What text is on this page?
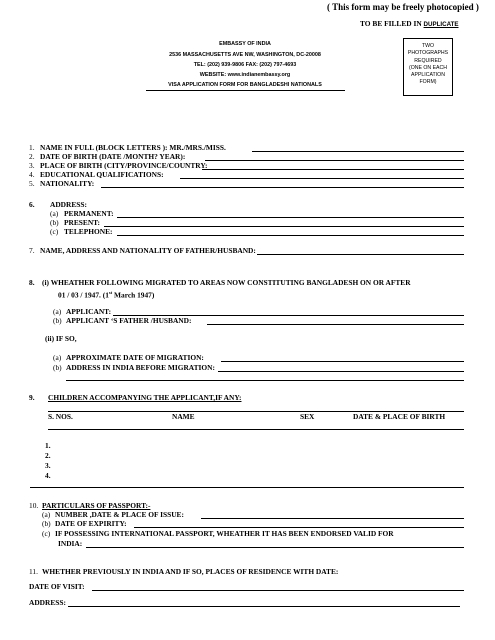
( This form may be freely photocopied )
TO BE FILLED IN DUPLICATE
EMBASSY OF INDIA
2536 MASSACHUSETTS AVE NW, WASHINGTON, DC-20008
TEL: (202) 939-9806 FAX: (202) 797-4693
WEBSITE: www.indianembassy.org
VISA APPLICATION FORM FOR BANGLADESHI NATIONALS
TWO
PHOTOGRAPHS
REQUIRED
(ONE ON EACH
APPLICATION
FORM)
1. NAME IN FULL (BLOCK LETTERS ): MR./MRS./MISS.
2. DATE OF BIRTH (DATE /MONTH? YEAR):
3. PLACE OF BIRTH (CITY/PROVINCE/COUNTRY:
4. EDUCATIONAL QUALIFICATIONS:
5. NATIONALITY:
6. ADDRESS:
(a) PERMANENT:
(b) PRESENT:
(c) TELEPHONE:
7. NAME, ADDRESS AND NATIONALITY OF FATHER/HUSBAND:
8. (i) WHEATHER FOLLOWING MIGRATED TO AREAS NOW CONSTITUTING BANGLADESH ON OR AFTER
01 / 03 / 1947. (1st March 1947)
(a) APPLICANT:
(b) APPLICANT ‘S FATHER /HUSBAND:
(ii) IF SO,
(a) APPROXIMATE DATE OF MIGRATION:
(b) ADDRESS IN INDIA BEFORE MIGRATION:
9. CHILDREN ACCOMPANYING THE APPLICANT,IF ANY:
S. NOS.	NAME	SEX	DATE & PLACE OF BIRTH
1.
2.
3.
4.
10. PARTICULARS OF PASSPORT:-
(a) NUMBER ,DATE & PLACE OF ISSUE:
(b) DATE OF EXPIRITY:
(c) IF POSSESSING INTERNATIONAL PASSPORT, WHEATHER IT HAS BEEN ENDORSED VALID FOR
INDIA:
11. WHETHER PREVIOUSLY IN INDIA AND IF SO, PLACES OF RESIDENCE WITH DATE:
DATE OF VISIT:
ADDRESS:
